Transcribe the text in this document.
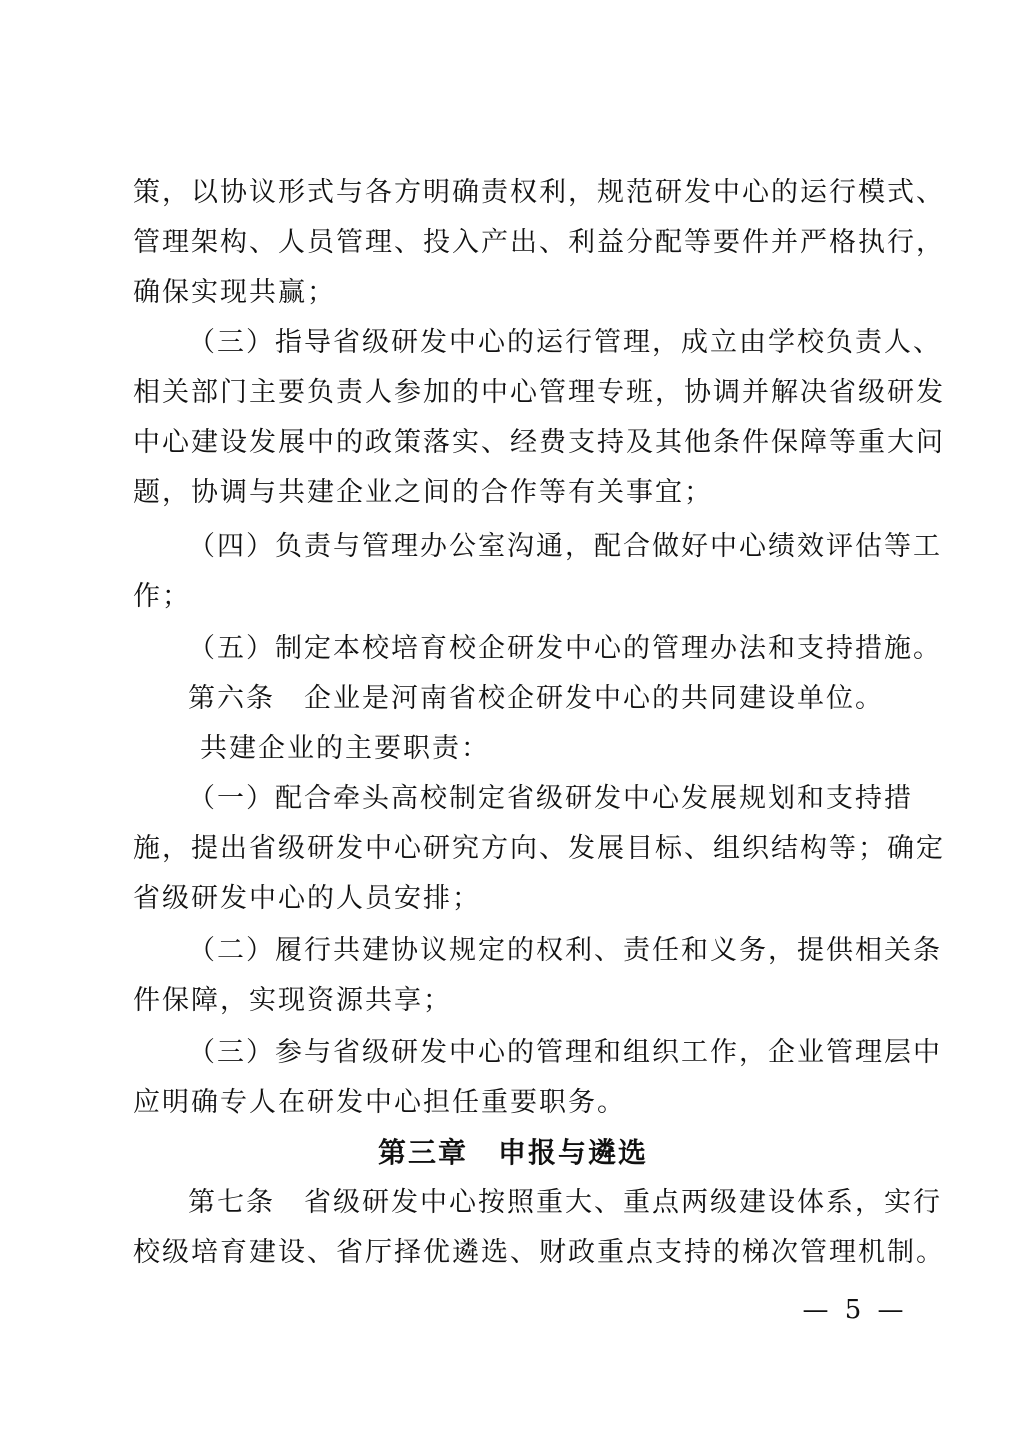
策，以协议形式与各方明确责权利，规范研发中心的运行模式、
管理架构、人员管理、投入产出、利益分配等要件并严格执行，
确保实现共赢；
（三）指导省级研发中心的运行管理，成立由学校负责人、
相关部门主要负责人参加的中心管理专班，协调并解决省级研发
中心建设发展中的政策落实、经费支持及其他条件保障等重大问
题，协调与共建企业之间的合作等有关事宜；
（四）负责与管理办公室沟通，配合做好中心绩效评估等工
作；
（五）制定本校培育校企研发中心的管理办法和支持措施。
第六条　企业是河南省校企研发中心的共同建设单位。
共建企业的主要职责：
（一）配合牵头高校制定省级研发中心发展规划和支持措
施，提出省级研发中心研究方向、发展目标、组织结构等；确定
省级研发中心的人员安排；
（二）履行共建协议规定的权利、责任和义务，提供相关条
件保障，实现资源共享；
（三）参与省级研发中心的管理和组织工作，企业管理层中
应明确专人在研发中心担任重要职务。
第三章　申报与遴选
第七条　省级研发中心按照重大、重点两级建设体系，实行
校级培育建设、省厅择优遴选、财政重点支持的梯次管理机制。
— 5 —
